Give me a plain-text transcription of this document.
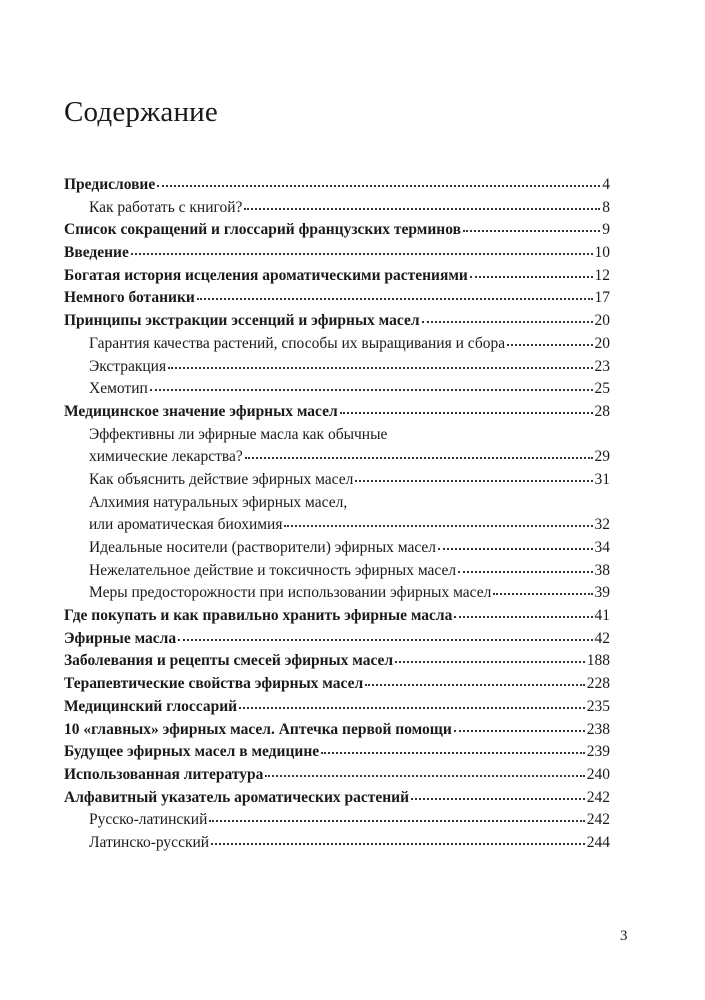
Содержание
Предисловие	4
Как работать с книгой?	8
Список сокращений и глоссарий французских терминов	9
Введение	10
Богатая история исцеления ароматическими растениями	12
Немного ботаники	17
Принципы экстракции эссенций и эфирных масел	20
Гарантия качества растений, способы их выращивания и сбора	20
Экстракция	23
Хемотип	25
Медицинское значение эфирных масел	28
Эффективны ли эфирные масла как обычные
химические лекарства?	29
Как объяснить действие эфирных масел	31
Алхимия натуральных эфирных масел,
или ароматическая биохимия	32
Идеальные носители (растворители) эфирных масел	34
Нежелательное действие и токсичность эфирных масел	38
Меры предосторожности при использовании эфирных масел	39
Где покупать и как правильно хранить эфирные масла	41
Эфирные масла	42
Заболевания и рецепты смесей эфирных масел	188
Терапевтические свойства эфирных масел	228
Медицинский глоссарий	235
10 «главных» эфирных масел. Аптечка первой помощи	238
Будущее эфирных масел в медицине	239
Использованная литература	240
Алфавитный указатель ароматических растений	242
Русско-латинский	242
Латинско-русский	244
3
